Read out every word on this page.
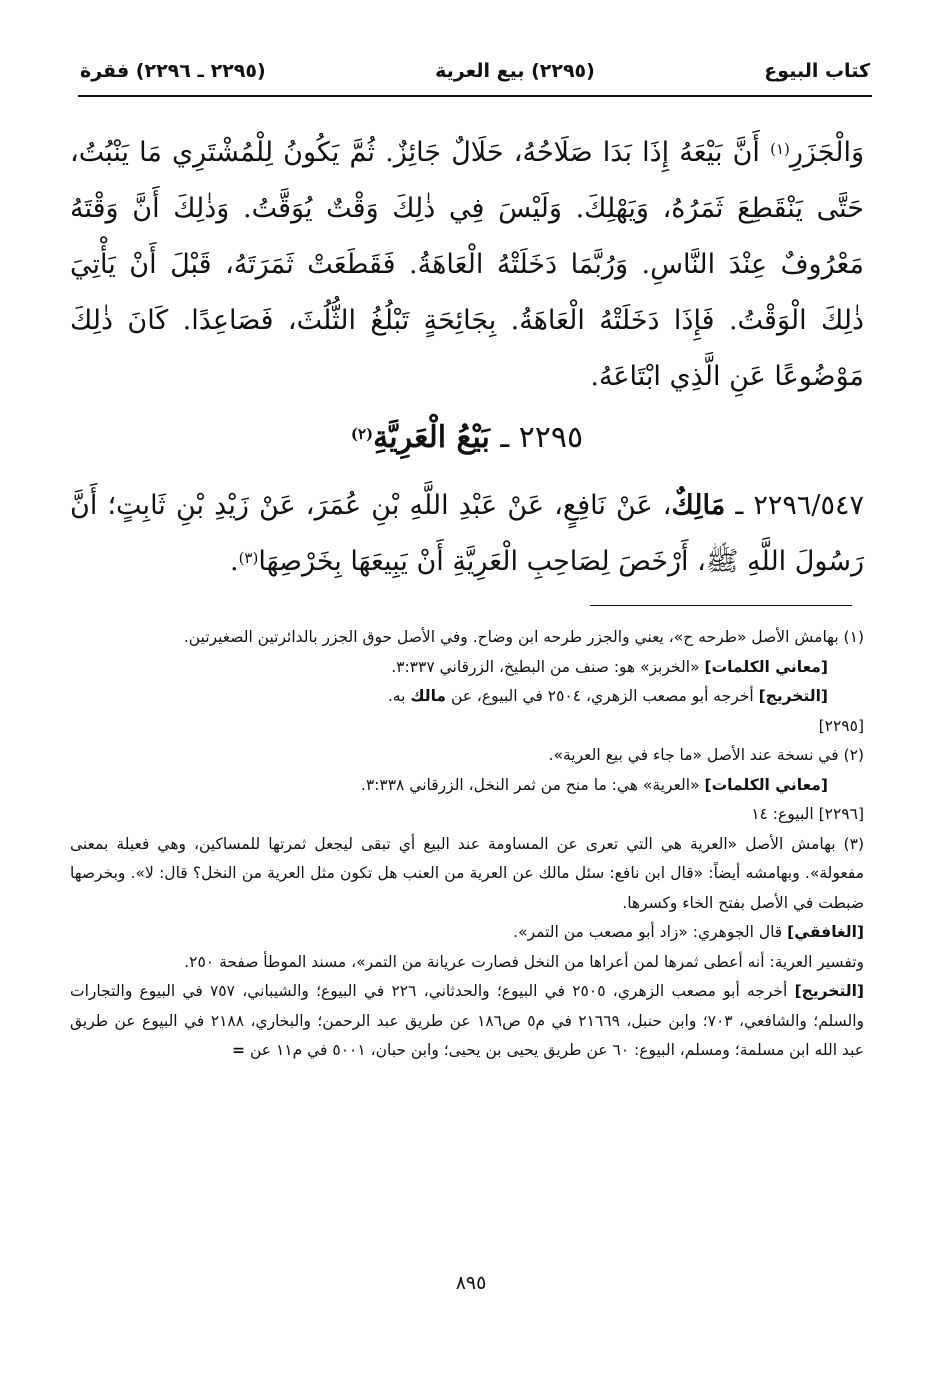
كتاب البيوع
(٢٢٩٥) بيع العرية
(٢٢٩٥ ـ ٢٢٩٦) فقرة

وَالْجَزَرِ$^{(١)}$ أَنَّ بَيْعَهُ إِذَا بَدَا صَلَاحُهُ، حَلَالٌ جَائِزٌ. ثُمَّ يَكُونُ لِلْمُشْتَرِي مَا يَنْبُتُ، حَتَّى يَنْقَطِعَ ثَمَرُهُ، وَيَهْلِكَ. وَلَيْسَ فِي ذٰلِكَ وَقْتٌ يُوَقَّتُ. وَذٰلِكَ أَنَّ وَقْتَهُ مَعْرُوفٌ عِنْدَ النَّاسِ. وَرُبَّمَا دَخَلَتْهُ الْعَاهَةُ. فَقَطَعَتْ ثَمَرَتَهُ، قَبْلَ أَنْ يَأْتِيَ ذٰلِكَ الْوَقْتُ. فَإِذَا دَخَلَتْهُ الْعَاهَةُ. بِجَائِحَةٍ تَبْلُغُ الثُّلُثَ، فَصَاعِدًا. كَانَ ذٰلِكَ مَوْضُوعًا عَنِ الَّذِي ابْتَاعَهُ.

٢٢٩٥ ـ بَيْعُ الْعَرِيَّةِ$^{(٢)}$

٢٢٩٦/٥٤٧ ـ مَالِكٌ، عَنْ نَافِعٍ، عَنْ عَبْدِ اللَّهِ بْنِ عُمَرَ، عَنْ زَيْدِ بْنِ ثَابِتٍ؛ أَنَّ رَسُولَ اللَّهِ ﷺ، أَرْخَصَ لِصَاحِبِ الْعَرِيَّةِ أَنْ يَبِيعَهَا بِخَرْصِهَا$^{(٣)}$.

(١) بهامش الأصل «طرحه ح»، يعني والجزر طرحه ابن وضاح. وفي الأصل حوق الجزر بالدائرتين الصغيرتين.

[معاني الكلمات] «الخربز» هو: صنف من البطيخ، الزرقاني ٣:٣٣٧.

[التخريج] أخرجه أبو مصعب الزهري، ٢٥٠٤ في البيوع، عن مالك به.

[٢٢٩٥]

(٢) في نسخة عند الأصل «ما جاء في بيع العرية».

[معاني الكلمات] «العرية» هي: ما منح من ثمر النخل، الزرقاني ٣:٣٣٨.

[٢٢٩٦] البيوع: ١٤

(٣) بهامش الأصل «العرية هي التي تعرى عن المساومة عند البيع أي تبقى ليجعل ثمرتها للمساكين، وهي فعيلة بمعنى مفعولة». وبهامشه أيضاً: «قال ابن نافع: سئل مالك عن العرية من العنب هل تكون مثل العرية من النخل؟ قال: لا». وبخرصها ضبطت في الأصل بفتح الخاء وكسرها.

[الغافقي] قال الجوهري: «زاد أبو مصعب من التمر».

وتفسير العرية: أنه أعطى ثمرها لمن أعراها من النخل فصارت عريانة من التمر»، مسند الموطأ صفحة ٢٥٠.

[التخريج] أخرجه أبو مصعب الزهري، ٢٥٠٥ في البيوع؛ والحدثاني، ٢٢٦ في البيوع؛ والشيباني، ٧٥٧ في البيوع والتجارات والسلم؛ والشافعي، ٧٠٣؛ وابن حنبل، ٢١٦٦٩ في م٥ ص١٨٦ عن طريق عبد الرحمن؛ والبخاري، ٢١٨٨ في البيوع عن طريق عبد الله ابن مسلمة؛ ومسلم، البيوع: ٦٠ عن طريق يحيى بن يحيى؛ وابن حبان، ٥٠٠١ في م١١ عن =

٨٩٥
